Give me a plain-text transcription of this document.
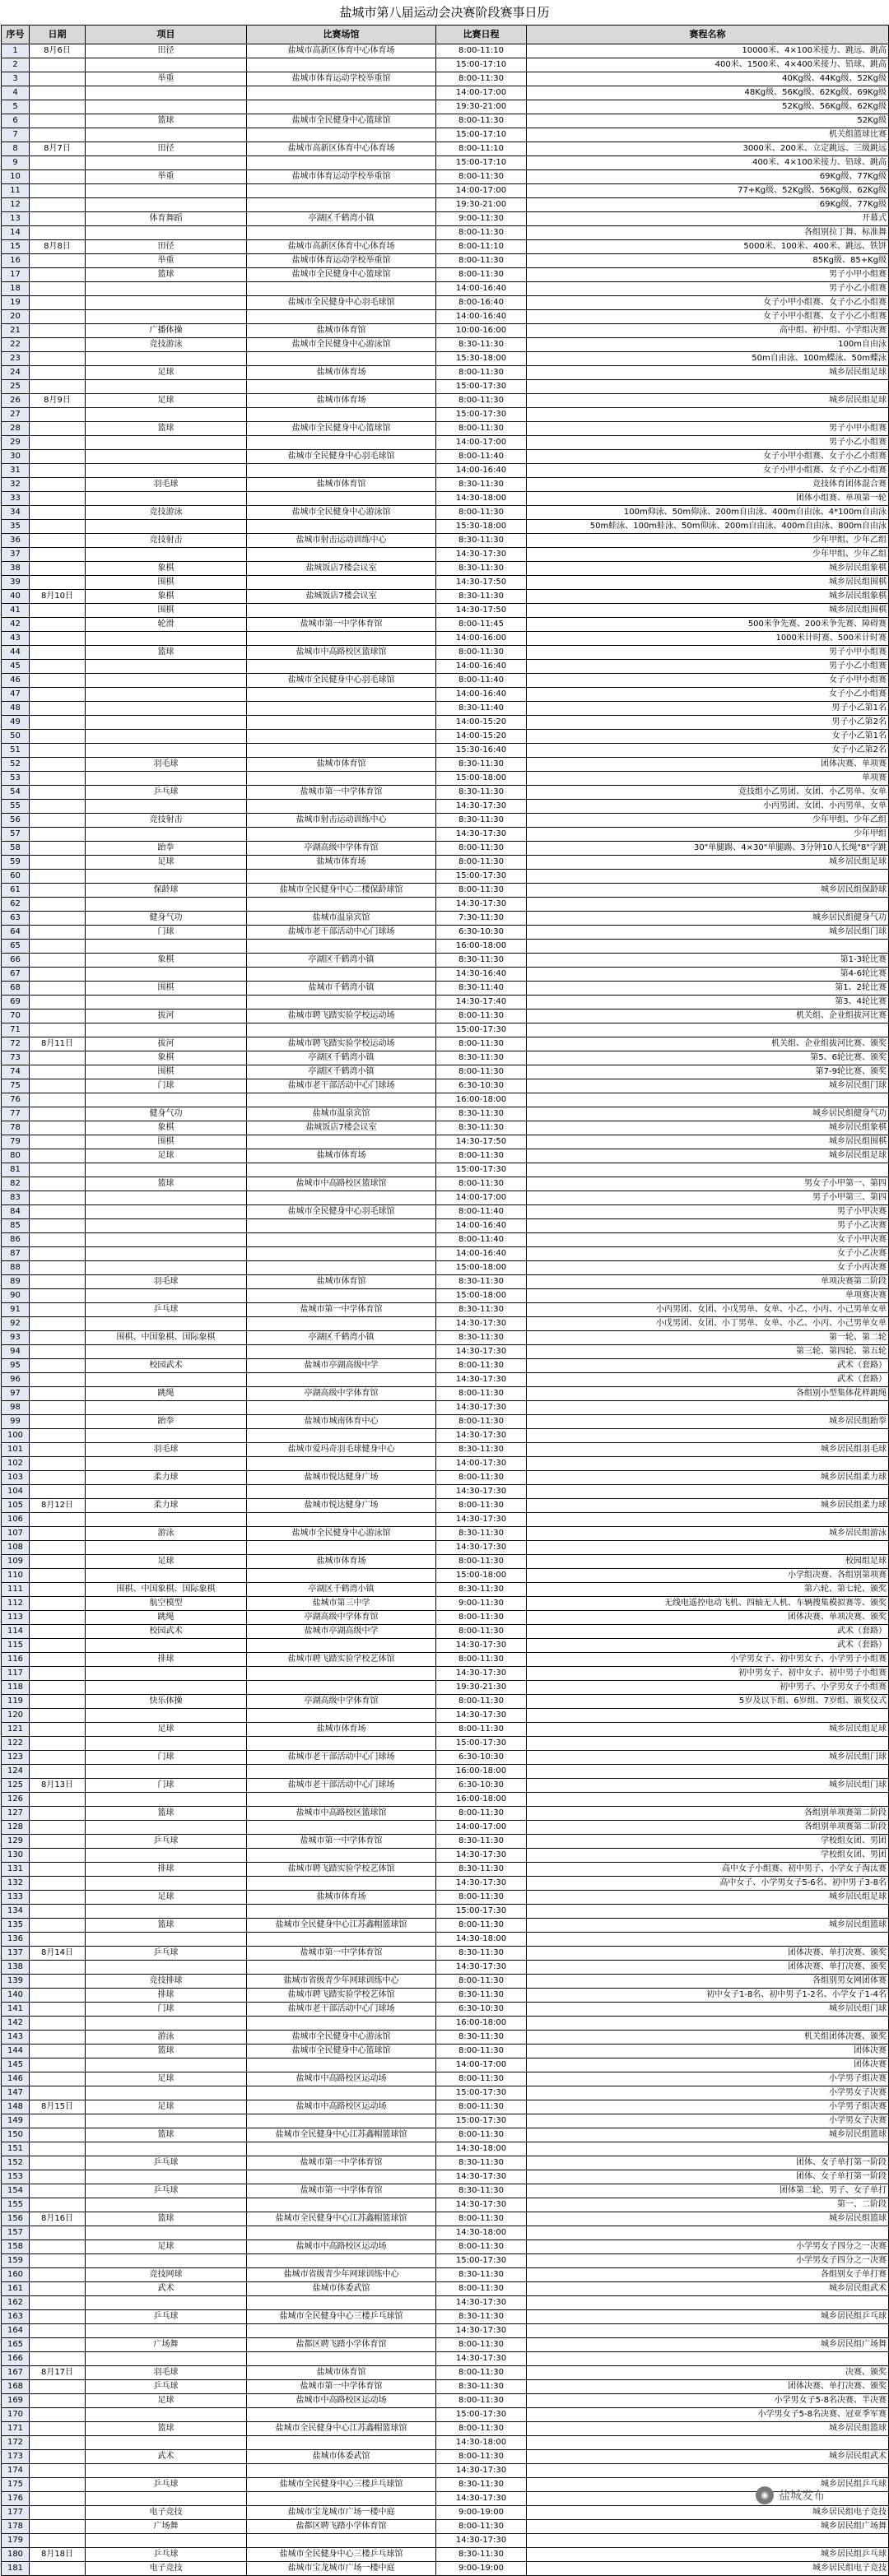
盐城市第八届运动会决赛阶段赛事日历
序号	日期	项目	比赛场馆	比赛日程	赛程名称
1	8月6日	田径	盐城市高新区体育中心体育场	8:00-11:10	10000米、4×100米接力、跳远、跳高
2				15:00-17:10	400米、1500米、4×400米接力、铅球、跳高
3		举重	盐城市体育运动学校举重馆	8:00-11:30	40Kg级、44Kg级、52Kg级
4				14:00-17:00	48Kg级、56Kg级、62Kg级、69Kg级
5				19:30-21:00	52Kg级、56Kg级、62Kg级
6		篮球	盐城市全民健身中心篮球馆	8:00-11:30	52Kg级
7				15:00-17:10	机关组篮球比赛
8	8月7日	田径	盐城市高新区体育中心体育场	8:00-11:10	3000米、200米、立定跳远、三级跳远
9				15:00-17:10	400米、4×100米接力、铅球、跳高
10		举重	盐城市体育运动学校举重馆	8:00-11:30	69Kg级、77Kg级
11				14:00-17:00	77+Kg级、52Kg级、56Kg级、62Kg级
12				19:30-21:00	69Kg级、77Kg级
13		体育舞蹈	亭湖区千鹤湾小镇	9:00-11:30	开幕式
14				8:00-11:30	各组别拉丁舞、标准舞
15	8月8日	田径	盐城市高新区体育中心体育场	8:00-11:10	5000米、100米、400米、跳远、铁饼
16		举重	盐城市体育运动学校举重馆	8:00-11:30	85Kg级、85+Kg级
17		篮球	盐城市全民健身中心篮球馆	8:00-11:30	男子小甲小组赛
18				14:00-16:40	男子小乙小组赛
19			盐城市全民健身中心羽毛球馆	8:00-16:40	女子小甲小组赛、女子小乙小组赛
20				14:00-16:40	女子小甲小组赛、女子小乙小组赛
21		广播体操	盐城市体育馆	10:00-16:00	高中组、初中组、小学组决赛
22		竞技游泳	盐城市全民健身中心游泳馆	8:30-11:30	100m自由泳
23				15:30-18:00	50m自由泳、100m蝶泳、50m蝶泳
24		足球	盐城市体育场	8:00-11:30	城乡居民组足球
25				15:00-17:30	
26	8月9日	足球	盐城市体育场	8:00-11:30	城乡居民组足球
27				15:00-17:30	
28		篮球	盐城市全民健身中心篮球馆	8:00-11:30	男子小甲小组赛
29				14:00-17:00	男子小乙小组赛
30			盐城市全民健身中心羽毛球馆	8:00-11:40	女子小甲小组赛、女子小乙小组赛
31				14:00-16:40	女子小甲小组赛、女子小乙小组赛
32		羽毛球	盐城市体育馆	8:30-11:30	竞技体育团体混合赛
33				14:30-18:00	团体小组赛、单项第一轮
34		竞技游泳	盐城市全民健身中心游泳馆	8:00-11:30	100m仰泳、50m仰泳、200m自由泳、400m自由泳、4*100m自由泳
35				15:30-18:00	50m蛙泳、100m蛙泳、50m仰泳、200m自由泳、400m自由泳、800m自由泳
36		竞技射击	盐城市射击运动训练中心	8:30-11:30	少年甲组、少年乙组
37				14:30-17:30	少年甲组、少年乙组
38		象棋	盐城饭店7楼会议室	8:30-11:30	城乡居民组象棋
39		围棋		14:30-17:50	城乡居民组围棋
40	8月10日	象棋	盐城饭店7楼会议室	8:30-11:30	城乡居民组象棋
41		围棋		14:30-17:50	城乡居民组围棋
42		轮滑	盐城市第一中学体育馆	8:00-11:45	500米争先赛、200米争先赛、障碍赛
43				14:00-16:00	1000米计时赛、500米计时赛
44		篮球	盐城市中高路校区篮球馆	8:00-11:30	男子小甲小组赛
45				14:00-16:40	男子小乙小组赛
46			盐城市全民健身中心羽毛球馆	8:00-11:40	女子小甲小组赛
47				14:00-16:40	女子小乙小组赛
48				8:30-11:40	男子小乙第1名
49				14:00-15:20	男子小乙第2名
50				14:00-15:20	女子小乙第1名
51				15:30-16:40	女子小乙第2名
52		羽毛球	盐城市体育馆	8:30-11:30	团体决赛、单项赛
53				15:00-18:00	单项赛
54		乒乓球	盐城市第一中学体育馆	8:30-11:30	竞技组小乙男团、女团、小乙男单、女单
55				14:30-17:30	小丙男团、女团、小丙男单、女单
56		竞技射击	盐城市射击运动训练中心	8:30-11:30	少年甲组、少年乙组
57				14:30-17:30	少年甲组
58		跆拳	亭湖高级中学体育馆	8:00-11:30	30"单腿踢、4×30"单腿踢、3分钟10人长绳"8"字跳
59		足球	盐城市体育场	8:00-11:30	城乡居民组足球
60				15:00-17:30	
61		保龄球	盐城市全民健身中心二楼保龄球馆	8:00-11:30	城乡居民组保龄球
62				14:30-17:30	
63		健身气功	盐城市温泉宾馆	7:30-11:30	城乡居民组健身气功
64		门球	盐城市老干部活动中心门球场	6:30-10:30	城乡居民组门球
65				16:00-18:00	
66		象棋	亭湖区千鹤湾小镇	8:30-11:30	第1-3轮比赛
67				14:30-16:40	第4-6轮比赛
68		围棋	盐城市千鹤湾小镇	8:30-11:40	第1、2轮比赛
69				14:30-17:40	第3、4轮比赛
70		拔河	盐城市聘飞踏实验学校运动场	8:00-11:30	机关组、企业组拔河比赛
71				15:00-17:30	
72	8月11日	拔河	盐城市聘飞踏实验学校运动场	8:00-11:30	机关组、企业组拔河比赛、颁奖
73		象棋	亭湖区千鹤湾小镇	8:30-11:30	第5、6轮比赛、颁奖
74		围棋	亭湖区千鹤湾小镇	8:00-11:30	第7-9轮比赛、颁奖
75		门球	盐城市老干部活动中心门球场	6:30-10:30	城乡居民组门球
76				16:00-18:00	
77		健身气功	盐城市温泉宾馆	8:30-11:30	城乡居民组健身气功
78		象棋	盐城饭店7楼会议室	8:30-11:30	城乡居民组象棋
79		围棋		14:30-17:50	城乡居民组围棋
80		足球	盐城市体育场	8:00-11:30	城乡居民组足球
81				15:00-17:30	
82		篮球	盐城市中高路校区篮球馆	8:00-11:30	男女子小甲第一、第四
83				14:00-17:00	男子小甲第三、第四
84			盐城市全民健身中心羽毛球馆	8:00-11:40	男子小甲决赛
85				14:00-16:40	男子小乙决赛
86				8:00-11:40	女子小甲决赛
87				14:00-16:40	女子小乙决赛
88				15:00-18:00	女子小丙决赛
89		羽毛球	盐城市体育馆	8:30-11:30	单项决赛第二阶段
90				15:00-18:00	单项赛决赛
91		乒乓球	盐城市第一中学体育馆	8:30-11:30	小丙男团、女团、小戊男单、女单、小乙、小丙、小己男单女单
92				14:30-17:30	小戊男团、女团、小丁男单、女单、小乙、小丙、小己男单女单
93		围棋、中国象棋、国际象棋	亭湖区千鹤湾小镇	8:30-11:30	第一轮、第二轮
94				14:30-17:30	第三轮、第四轮、第五轮
95		校园武术	盐城市亭湖高级中学	8:00-11:30	武术（套路）
96				14:30-17:30	武术（套路）
97		跳绳	亭湖高级中学体育馆	8:00-11:30	各组别小型集体花样跳绳
98				14:30-17:30	
99		跆拳	盐城市城南体育中心	8:00-11:30	城乡居民组跆拳
100				14:30-17:30	
101		羽毛球	盐城市爱玛奇羽毛球健身中心	8:30-11:30	城乡居民组羽毛球
102				14:00-17:30	
103		柔力球	盐城市悦达健身广场	8:00-11:30	城乡居民组柔力球
104				14:30-17:30	
105	8月12日	柔力球	盐城市悦达健身广场	8:00-11:30	城乡居民组柔力球
106				14:30-17:30	
107		游泳	盐城市全民健身中心游泳馆	8:30-11:30	城乡居民组游泳
108				14:30-17:30	
109		足球	盐城市体育场	8:00-11:30	校园组足球
110				15:00-18:00	小学组决赛、各组别第项赛
111		围棋、中国象棋、国际象棋	亭湖区千鹤湾小镇	8:30-11:30	第六轮、第七轮、颁奖
112		航空模型	盐城市第三中学	9:00-11:30	无线电遥控电动飞机、四轴无人机、车辆搜集模拟赛等、颁奖
113		跳绳	亭湖高级中学体育馆	8:00-11:30	团体决赛、单项决赛、颁奖
114		校园武术	盐城市亭湖高级中学	8:00-11:30	武术（套路）
115				14:30-17:30	武术（套路）
116		排球	盐城市聘飞踏实验学校艺体馆	8:00-11:30	小学男女子、初中男女子、小学男子小组赛
117				14:30-17:30	初中男女子、初中女子、初中男子小组赛
118				19:30-21:30	初中男子、小学男女子小组赛
119		快乐体操	亭湖高级中学体育馆	8:00-11:30	5岁及以下组、6岁组、7岁组、颁奖仪式
120				14:30-17:30	
121		足球	盐城市体育场	8:00-11:30	城乡居民组足球
122				15:00-17:30	
123		门球	盐城市老干部活动中心门球场	6:30-10:30	城乡居民组门球
124				16:00-18:00	
125	8月13日	门球	盐城市老干部活动中心门球场	6:30-10:30	城乡居民组门球
126				16:00-18:00	
127		篮球	盐城市中高路校区篮球馆	8:00-11:30	各组别单项赛第二阶段
128				14:00-17:00	各组别单项赛第二阶段
129		乒乓球	盐城市第一中学体育馆	8:30-11:30	学校组女团、男团
130				14:30-17:30	学校组女团、男团
131		排球	盐城市聘飞踏实验学校艺体馆	8:30-11:30	高中女子小组赛、初中男子、小学女子淘汰赛
132				14:30-17:30	高中女子、小学男女子5-6名、初中男子3-8名
133		足球	盐城市体育场	8:00-11:30	城乡居民组足球
134				15:00-17:30	
135		篮球	盐城市全民健身中心江苏鑫帽篮球馆	8:00-11:30	城乡居民组篮球
136				14:30-18:00	
137	8月14日	乒乓球	盐城市第一中学体育馆	8:30-11:30	团体决赛、单打决赛、颁奖
138				14:30-17:30	团体决赛、单打决赛、颁奖
139		竞技排球	盐城市省级青少年网球训练中心	8:00-11:30	各组别男女网团体赛
140		排球	盐城市聘飞踏实验学校艺体馆	8:30-11:30	初中女子1-8名、初中男子1-2名、小学女子1-4名
141		门球	盐城市老干部活动中心门球场	6:30-10:30	城乡居民组门球
142				16:00-18:00	
143		游泳	盐城市全民健身中心游泳馆	8:30-11:30	机关组团体决赛、颁奖
144		篮球	盐城市全民健身中心篮球馆	8:00-11:30	团体决赛
145				14:00-17:00	团体决赛
146		足球	盐城市中高路校区运动场	8:00-11:30	小学男子组决赛
147				15:00-17:30	小学男女子决赛
148	8月15日	足球	盐城市中高路校区运动场	8:00-11:30	小学男子组决赛
149				15:00-17:30	小学男女子决赛
150		篮球	盐城市全民健身中心江苏鑫帽篮球馆	8:00-11:30	城乡居民组篮球
151				14:30-18:00	
152		乒乓球	盐城市第一中学体育馆	8:30-11:30	团体、女子单打第一阶段
153				14:30-17:30	团体、女子单打第一阶段
154		乒乓球	盐城市第一中学体育馆	8:30-11:30	团体第二轮、男子、女子单打
155				14:30-17:30	第一、二阶段
156	8月16日	篮球	盐城市全民健身中心江苏鑫帽篮球馆	8:00-11:30	城乡居民组篮球
157				14:30-18:00	
158		足球	盐城市中高路校区运动场	8:00-11:30	小学男女子四分之一决赛
159				15:00-17:30	小学男女子四分之一决赛
160		竞技网球	盐城市省级青少年网球训练中心	8:30-11:30	各组别女子单打赛
161		武术	盐城市体委武馆	8:00-11:30	城乡居民组武术
162				14:30-17:30	
163		乒乓球	盐城市全民健身中心三楼乒乓球馆	8:30-11:30	城乡居民组乒乓球
164				14:30-17:30	
165		广场舞	盐都区聘飞踏小学体育馆	8:00-11:30	城乡居民组广场舞
166				14:30-17:30	
167	8月17日	羽毛球	盐城市体育馆	8:00-11:30	决赛、颁奖
168		乒乓球	盐城市第一中学体育馆	8:30-11:30	团体决赛、单打决赛、颁奖
169		足球	盐城市中高路校区运动场	8:00-11:30	小学男女子5-8名决赛、半决赛
170				15:00-17:30	小学男女子5-8名决赛、冠亚季军赛
171		篮球	盐城市全民健身中心江苏鑫帽篮球馆	8:00-11:30	城乡居民组篮球
172				14:30-18:00	
173		武术	盐城市体委武馆	8:00-11:30	城乡居民组武术
174				14:30-17:30	
175		乒乓球	盐城市全民健身中心三楼乒乓球馆	8:30-11:30	城乡居民组乒乓球
176				14:30-17:30	
177		电子竞技	盐城市宝龙城市广场一楼中庭	9:00-19:00	城乡居民组电子竞技
178		广场舞	盐都区聘飞踏小学体育馆	8:00-11:30	城乡居民组广场舞
179				14:30-17:30	
180	8月18日	乒乓球	盐城市全民健身中心三楼乒乓球馆	8:30-11:30	城乡居民组乒乓球
181		电子竞技	盐城市宝龙城市广场一楼中庭	9:00-19:00	城乡居民组电子竞技
◉ 盐城发布
